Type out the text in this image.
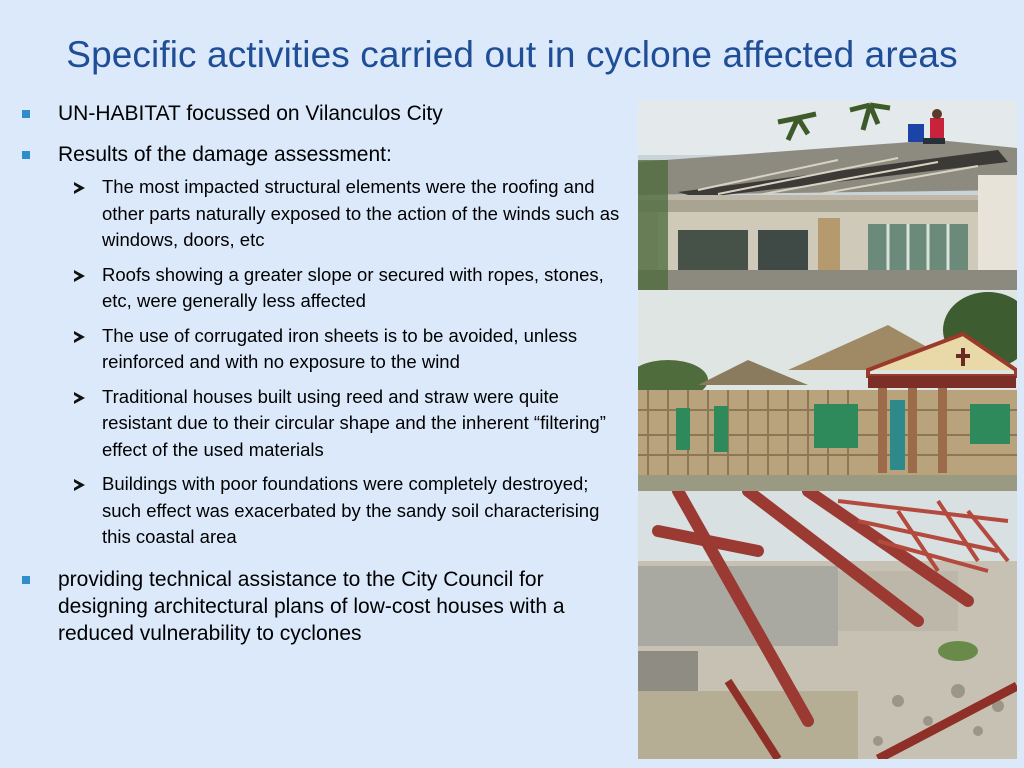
Specific activities carried out in cyclone affected areas
UN-HABITAT focussed on Vilanculos City
Results of the damage assessment:
The most impacted structural elements were the roofing and other parts naturally exposed to the action of the winds such as windows, doors, etc
Roofs showing a greater slope or secured with ropes, stones, etc, were generally less affected
The use of corrugated iron sheets is to be avoided, unless reinforced and with no exposure to the wind
Traditional houses built using reed and straw were quite resistant due to their circular shape and the inherent “filtering” effect of the used materials
Buildings with poor foundations were completely destroyed; such effect was exacerbated by the sandy soil characterising this coastal area
providing technical assistance to the City Council for designing architectural plans of low-cost houses with a reduced vulnerability to cyclones
